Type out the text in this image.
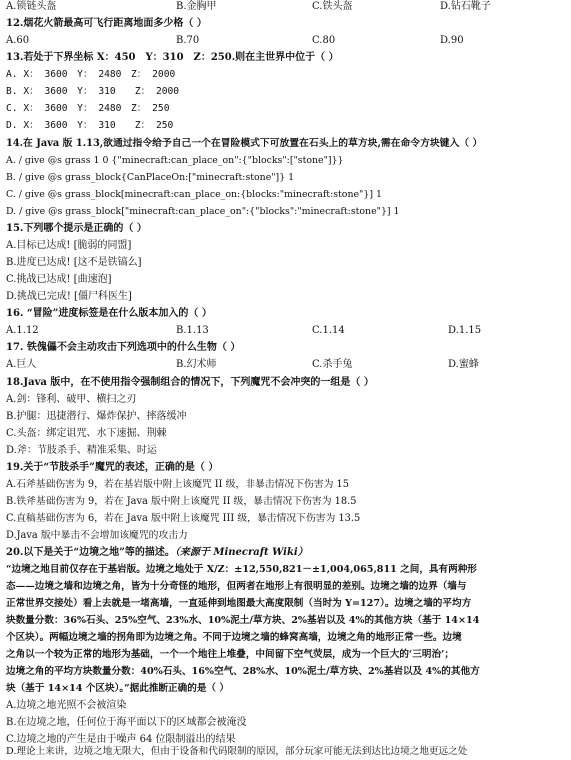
A.锁链头盔	B.金胸甲	C.铁头盔	D.钻石靴子
12.烟花火箭最高可飞行距离地面多少格（ ）
A.60	B.70	C.80	D.90
13.若处于下界坐标 X：450　Y：310　Z：250.则在主世界中位于（ ）
A. X： 3600　Y： 2480　Z： 2000
B. X： 3600　Y： 310　　Z： 2000
C. X： 3600　Y： 2480　Z： 250
D. X： 3600　Y： 310　　Z： 250
14.在 Java 版 1.13,欲通过指令给予自己一个在冒险模式下可放置在石头上的草方块,需在命令方块键入（ ）
A. / give @s grass 1 0 {"minecraft:can_place_on":{"blocks":["stone"]}}
B. / give @s grass_block{CanPlaceOn:["minecraft:stone"]} 1
C. / give @s grass_block[minecraft:can_place_on:{blocks:"minecraft:stone"}] 1
D. / give @s grass_block["minecraft:can_place_on":{"blocks":"minecraft:stone"}] 1
15.下列哪个提示是正确的（ ）
A.目标已达成! [脆弱的同盟]
B.进度已达成! [这不是铁镐么]
C.挑战已达成! [曲速泡]
D.挑战已完成! [僵尸科医生]
16. “冒险”进度标签是在什么版本加入的（ ）
A.1.12	B.1.13	C.1.14	D.1.15
17. 铁傀儡不会主动攻击下列选项中的什么生物（ ）
A.巨人	B.幻术师	C.杀手兔	D.蜜蜂
18.Java 版中，在不使用指令强制组合的情况下，下列魔咒不会冲突的一组是（ ）
A.剑：锋利、破甲、横扫之刃
B.护腿：迅捷潜行、爆炸保护、摔落缓冲
C.头盔：绑定诅咒、水下速掘、荆棘
D.斧：节肢杀手、精准采集、时运
19.关于“节肢杀手”魔咒的表述，正确的是（ ）
A.石斧基础伤害为 9，若在基岩版中附上该魔咒 II 级，非暴击情况下伤害为 15
B.铁斧基础伤害为 9，若在 Java 版中附上该魔咒 II 级，暴击情况下伤害为 18.5
C.直稿基础伤害为 6，若在 Java 版中附上该魔咒 III 级，暴击情况下伤害为 13.5
D.Java 版中暴击不会增加该魔咒的攻击力
20.以下是关于“边境之地”等的描述。（来源于 Minecraft Wiki）
“边境之地目前仅存在于基岩版。边境之地处于 X/Z：±12,550,821－±1,004,065,811 之间，具有两种形
态——边境之墙和边境之角，皆为十分奇怪的地形，但两者在地形上有很明显的差别。边境之墙的边界（墙与
正常世界交接处）看上去就是一堵高墙，一直延伸到地图最大高度限制（当时为 Y=127）。边境之墙的平均方
块数量分数：36%石头、25%空气、23%水、10%泥土/草方块、2%基岩以及 4%的其他方块（基于 14×14
个区块）。两幅边境之墙的拐角即为边境之角。不同于边境之墙的蜂窝高墙，边境之角的地形正常一些。边境
之角以一个较为正常的地形为基础，一个一个地往上堆叠，中间留下空气荧层，成为一个巨大的‘三明治’；
边境之角的平均方块数量分数：40%石头、16%空气、28%水、10%泥土/草方块、2%基岩以及 4%的其他方
块（基于 14×14 个区块）。”据此推断正确的是（ ）
A.边境之地光照不会被渲染
B.在边境之地，任何位于海平面以下的区域都会被淹没
C.边境之地的产生是由于噪声 64 位限制溢出的结果
D.理论上来讲，边境之地无限大，但由于设备和代码限制的原因，部分玩家可能无法到达比边境之地更远之处
